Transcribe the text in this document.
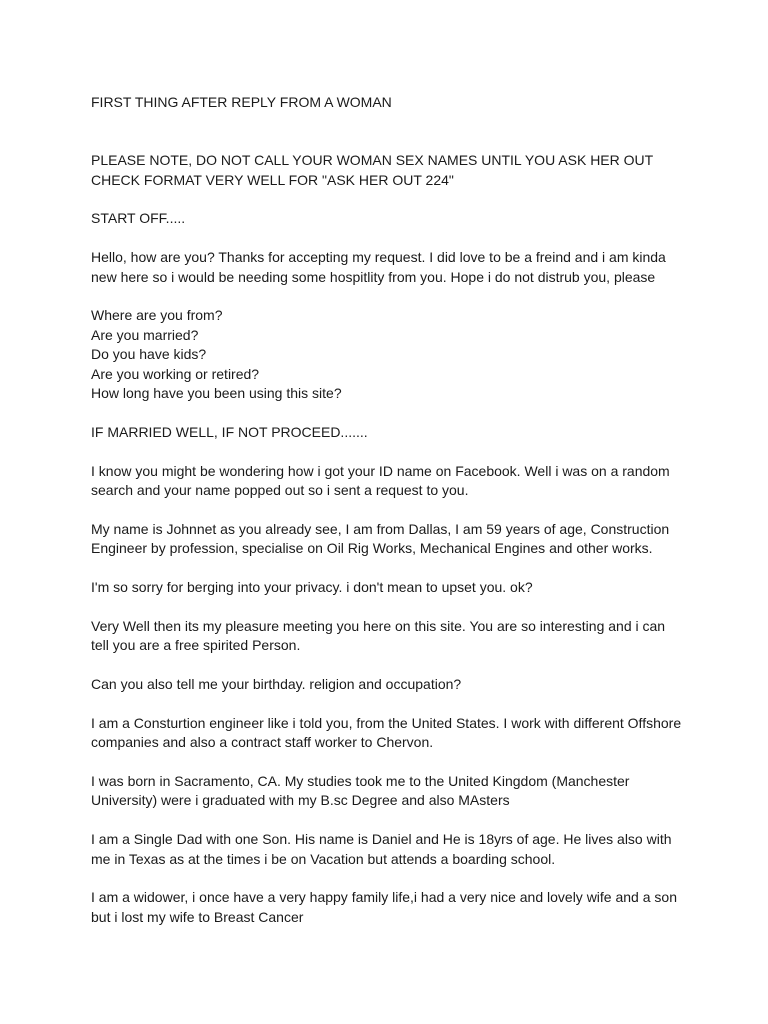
FIRST THING AFTER REPLY FROM A WOMAN
PLEASE NOTE, DO NOT CALL YOUR WOMAN SEX NAMES UNTIL YOU ASK HER OUT
CHECK FORMAT VERY WELL FOR "ASK HER OUT 224"
START OFF.....
Hello, how are you? Thanks for accepting my request. I did love to be a freind and i am kinda
new here so i would be needing some hospitlity from you. Hope i do not distrub you, please
Where are you from?
Are you married?
Do you have kids?
Are you working or retired?
How long have you been using this site?
IF MARRIED WELL, IF NOT PROCEED.......
I know you might be wondering how i got your ID name on Facebook. Well i was on a random
search and your name popped out so i sent a request to you.
My name is Johnnet as you already see, I am from Dallas, I am 59 years of age, Construction
Engineer by profession, specialise on Oil Rig Works, Mechanical Engines and other works.
I'm so sorry for berging into your privacy. i don't mean to upset you. ok?
Very Well then its my pleasure meeting you here on this site. You are so interesting and i can
tell you are a free spirited Person.
Can you also tell me your birthday. religion and occupation?
I am a Consturtion engineer like i told you, from the United States. I work with different Offshore
companies and also a contract staff worker to Chervon.
I was born in Sacramento, CA. My studies took me to the United Kingdom (Manchester
University) were i graduated with my B.sc Degree and also MAsters
I am a Single Dad with one Son. His name is Daniel and He is 18yrs of age. He lives also with
me in Texas as at the times i be on Vacation but attends a boarding school.
I am a widower, i once have a very happy family life,i had a very nice and lovely wife and a son
but i lost my wife to Breast Cancer
